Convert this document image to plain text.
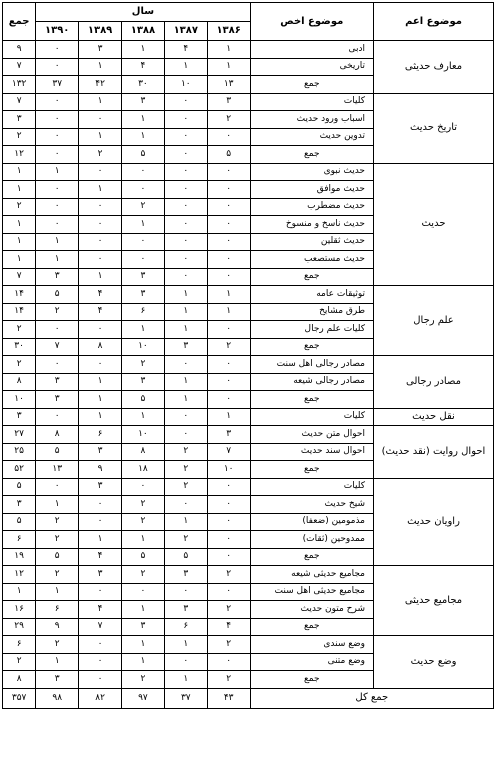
موضوع اعم	موضوع اخص	سال					جمع
		۱۳۸۶	۱۳۸۷	۱۳۸۸	۱۳۸۹	۱۳۹۰	
معارف حدیثی	ادبی	۱	۴	۱	۳	۰	۹
	تاریخی	۱	۱	۴	۱	۰	۷
	جمع	۱۳	۱۰	۳۰	۴۲	۳۷	۱۳۲
تاریخ حدیث	کلیات	۳	۰	۳	۱	۰	۷
	اسباب ورود حدیث	۲	۰	۱	۰	۰	۳
	تدوین حدیث	۰	۰	۱	۱	۰	۲
	جمع	۵	۰	۵	۲	۰	۱۲
حدیث	حدیث نبوی	۰	۰	۰	۰	۱	۱
	حدیث موافق	۰	۰	۰	۱	۰	۱
	حدیث مضطرب	۰	۰	۲	۰	۰	۲
	حدیث ناسخ و منسوخ	۰	۰	۱	۰	۰	۱
	حدیث ثقلین	۰	۰	۰	۰	۱	۱
	حدیث مستصعب	۰	۰	۰	۰	۱	۱
	جمع	۰	۰	۳	۱	۳	۷
علم رجال	توثیقات عامه	۱	۱	۳	۴	۵	۱۴
	طرق مشایخ	۱	۱	۶	۴	۲	۱۴
	کلیات علم رجال	۰	۱	۱	۰	۰	۲
	جمع	۲	۳	۱۰	۸	۷	۳۰
مصادر رجالی	مصادر رجالی اهل سنت	۰	۰	۲	۰	۰	۲
	مصادر رجالی شیعه	۰	۱	۳	۱	۳	۸
	جمع	۰	۱	۵	۱	۳	۱۰
نقل حدیث	کلیات	۱	۰	۱	۱	۰	۳
احوال روایت (نقد حدیث)	احوال متن حدیث	۳	۰	۱۰	۶	۸	۲۷
	احوال سند حدیث	۷	۲	۸	۳	۵	۲۵
	جمع	۱۰	۲	۱۸	۹	۱۳	۵۲
راویان حدیث	کلیات	۰	۲	۰	۳	۰	۵
	شیخ حدیث	۰	۰	۲	۰	۱	۳
	مذمومین (ضعفا)	۰	۱	۲	۰	۲	۵
	ممدوحین (ثقات)	۰	۲	۱	۱	۲	۶
	جمع	۰	۵	۵	۴	۵	۱۹
مجامیع حدیثی	مجامیع حدیثی شیعه	۲	۳	۲	۳	۲	۱۲
	مجامیع حدیثی اهل سنت	۰	۰	۰	۰	۱	۱
	شرح متون حدیث	۲	۳	۱	۴	۶	۱۶
	جمع	۴	۶	۳	۷	۹	۲۹
وضع حدیث	وضع سندی	۲	۱	۱	۰	۲	۶
	وضع متنی	۰	۰	۱	۰	۱	۲
	جمع	۲	۱	۲	۰	۳	۸
جمع کل		۴۳	۳۷	۹۷	۸۲	۹۸	۳۵۷
